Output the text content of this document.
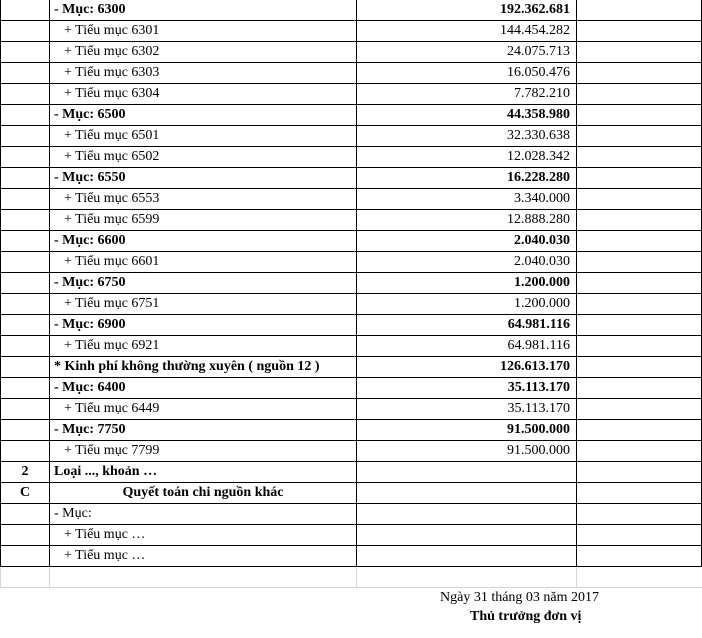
- Mục: 6300	192.362.681
+ Tiểu mục 6301	144.454.282
+ Tiểu mục 6302	24.075.713
+ Tiểu mục 6303	16.050.476
+ Tiểu mục 6304	7.782.210
- Mục: 6500	44.358.980
+ Tiểu mục 6501	32.330.638
+ Tiểu mục 6502	12.028.342
- Mục: 6550	16.228.280
+ Tiểu mục 6553	3.340.000
+ Tiểu mục 6599	12.888.280
- Mục: 6600	2.040.030
+ Tiểu mục 6601	2.040.030
- Mục: 6750	1.200.000
+ Tiểu mục 6751	1.200.000
- Mục: 6900	64.981.116
+ Tiểu mục 6921	64.981.116
* Kinh phí không thường xuyên ( nguồn 12 )	126.613.170
- Mục: 6400	35.113.170
+ Tiểu mục 6449	35.113.170
- Mục: 7750	91.500.000
+ Tiểu mục 7799	91.500.000
2	Loại ..., khoản …
C	Quyết toán chi nguồn khác
- Mục:
+ Tiểu mục …
+ Tiểu mục …
Ngày 31 tháng 03 năm 2017
Thủ trưởng đơn vị
